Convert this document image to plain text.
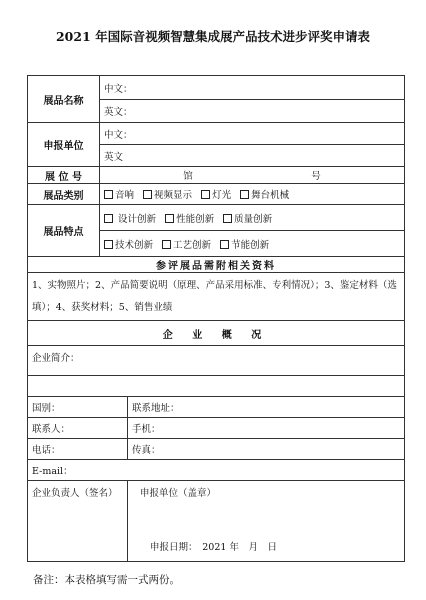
2021 年国际音视频智慧集成展产品技术进步评奖申请表
展品名称	中文：	
	英文：	
申报单位	中文：	
	英文	
展 位 号	馆 号	

展品类别	音响 视频显示 灯光 舞台机械	
展品特点	设计创新 性能创新 质量创新	
	技术创新 工艺创新 节能创新	
参评展品需附相关资料		
1、实物照片；2、产品简要说明（原理、产品采用标准、专利情况）；3、鉴定材料（选填）；4、获奖材料；5、销售业绩		
企 业 概 况		
企业简介：		

国别：		联系地址：
联系人：		手机：
电话：		传真：
E-mail：		
企业负责人（签名）		申报单位（盖章）
申报日期：　2021 年　月　日
备注：本表格填写需一式两份。
